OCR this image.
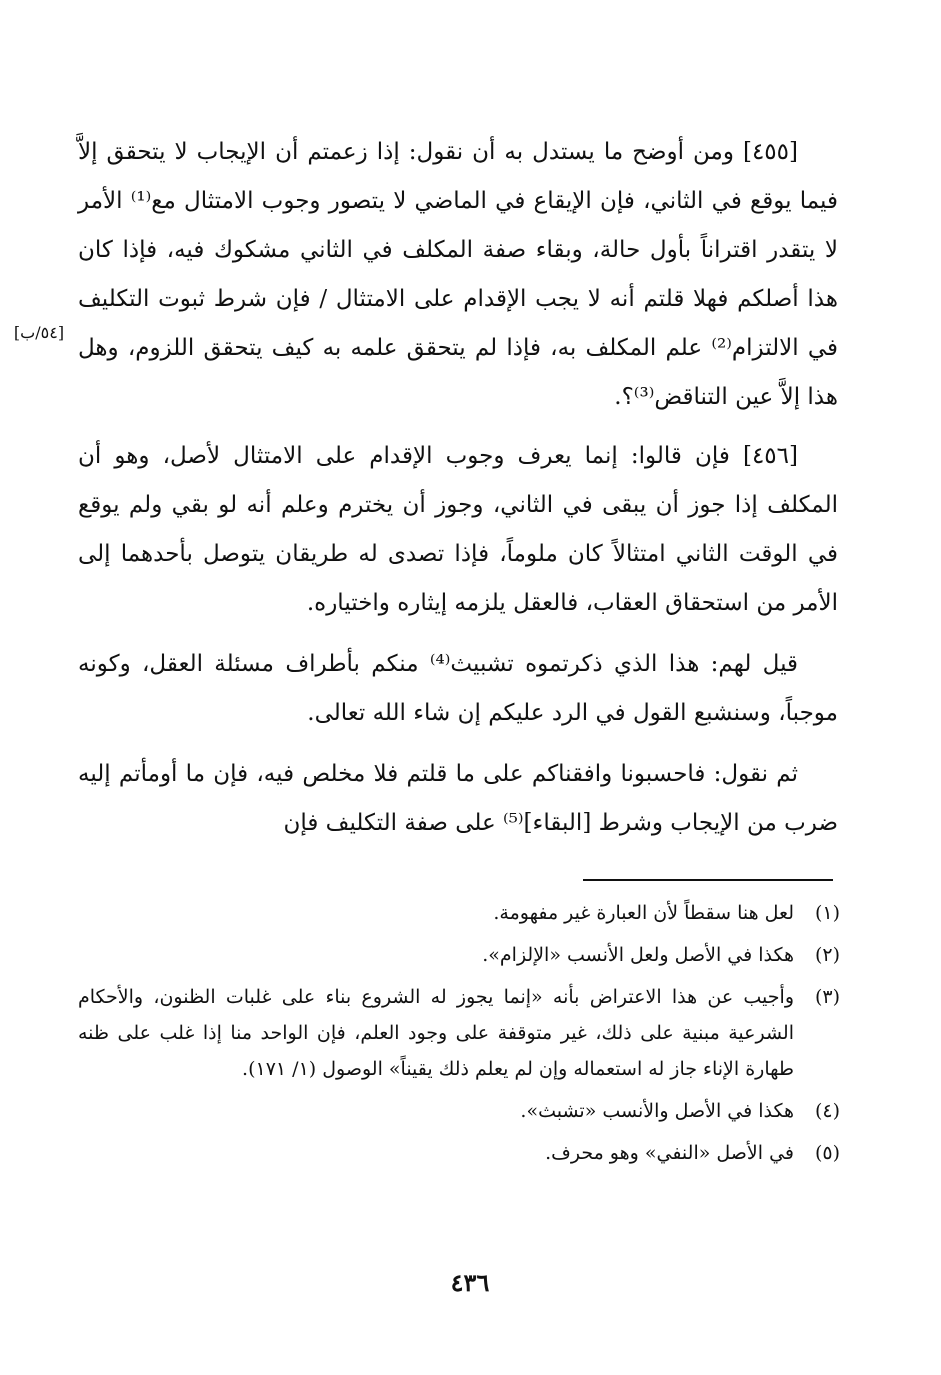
[٤٥٥] ومن أوضح ما يستدل به أن نقول: إذا زعمتم أن الإيجاب لا يتحقق إلاَّ فيما يوقع في الثاني، فإن الإيقاع في الماضي لا يتصور وجوب الامتثال مع⁽¹⁾ الأمر لا يتقدر اقتراناً بأول حالة، وبقاء صفة المكلف في الثاني مشكوك فيه، فإذا كان هذا أصلكم فهلا قلتم أنه لا يجب الإقدام على الامتثال / فإن شرط ثبوت التكليف في الالتزام⁽²⁾ علم المكلف به، فإذا لم يتحقق علمه به كيف يتحقق اللزوم، وهل هذا إلاَّ عين التناقض⁽³⁾؟.

[٤٥٦] فإن قالوا: إنما يعرف وجوب الإقدام على الامتثال لأصل، وهو أن المكلف إذا جوز أن يبقى في الثاني، وجوز أن يخترم وعلم أنه لو بقي ولم يوقع في الوقت الثاني امتثالاً كان ملوماً، فإذا تصدى له طريقان يتوصل بأحدهما إلى الأمر من استحقاق العقاب، فالعقل يلزمه إيثاره واختياره.

قيل لهم: هذا الذي ذكرتموه تشبيث⁽⁴⁾ منكم بأطراف مسئلة العقل، وكونه موجباً، وسنشبع القول في الرد عليكم إن شاء الله تعالى.

ثم نقول: فاحسبونا وافقناكم على ما قلتم فلا مخلص فيه، فإن ما أومأتم إليه ضرب من الإيجاب وشرط [البقاء]⁽⁵⁾ على صفة التكليف فإن

[٥٤/ب]
(١)
لعل هنا سقطاً لأن العبارة غير مفهومة.
(٢)
هكذا في الأصل ولعل الأنسب «الإلزام».
(٣)
وأجيب عن هذا الاعتراض بأنه «إنما يجوز له الشروع بناء على غلبات الظنون، والأحكام الشرعية مبنية على ذلك، غير متوقفة على وجود العلم، فإن الواحد منا إذا غلب على ظنه طهارة الإناء جاز له استعماله وإن لم يعلم ذلك يقيناً» الوصول (١/ ١٧١).
(٤)
هكذا في الأصل والأنسب «تشبث».
(٥)
في الأصل «النفي» وهو محرف.
٤٣٦
